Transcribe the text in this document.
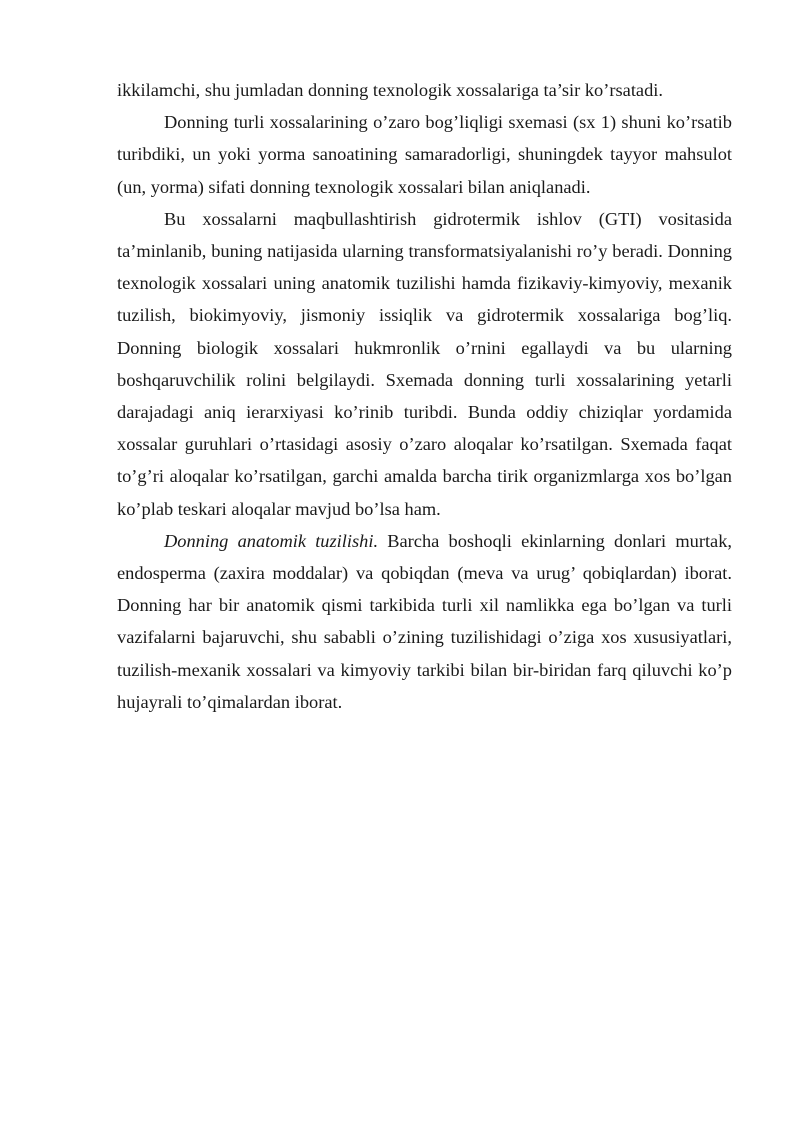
ikkilamchi, shu jumladan donning texnologik xossalariga ta’sir ko’rsatadi.

Donning turli xossalarining o’zaro bog’liqligi sxemasi (sx 1) shuni ko’rsatib turibdiki, un yoki yorma sanoatining samaradorligi, shuningdek tayyor mahsulot (un, yorma) sifati donning texnologik xossalari bilan aniqlanadi.

Bu xossalarni maqbullashtirish gidrotermik ishlov (GTI) vositasida ta’minlanib, buning natijasida ularning transformatsiyalanishi ro’y beradi. Donning texnologik xossalari uning anatomik tuzilishi hamda fizikaviy-kimyoviy, mexanik tuzilish, biokimyoviy, jismoniy issiqlik va gidrotermik xossalariga bog’liq. Donning biologik xossalari hukmronlik o’rnini egallaydi va bu ularning boshqaruvchilik rolini belgilaydi. Sxemada donning turli xossalarining yetarli darajadagi aniq ierarxiyasi ko’rinib turibdi. Bunda oddiy chiziqlar yordamida xossalar guruhlari o’rtasidagi asosiy o’zaro aloqalar ko’rsatilgan. Sxemada faqat to’g’ri aloqalar ko’rsatilgan, garchi amalda barcha tirik organizmlarga xos bo’lgan ko’plab teskari aloqalar mavjud bo’lsa ham.

Donning anatomik tuzilishi. Barcha boshoqli ekinlarning donlari murtak, endosperma (zaxira moddalar) va qobiqdan (meva va urug’ qobiqlardan) iborat. Donning har bir anatomik qismi tarkibida turli xil namlikka ega bo’lgan va turli vazifalarni bajaruvchi, shu sababli o’zining tuzilishidagi o’ziga xos xususiyatlari, tuzilish-mexanik xossalari va kimyoviy tarkibi bilan bir-biridan farq qiluvchi ko’p hujayrali to’qimalardan iborat.
